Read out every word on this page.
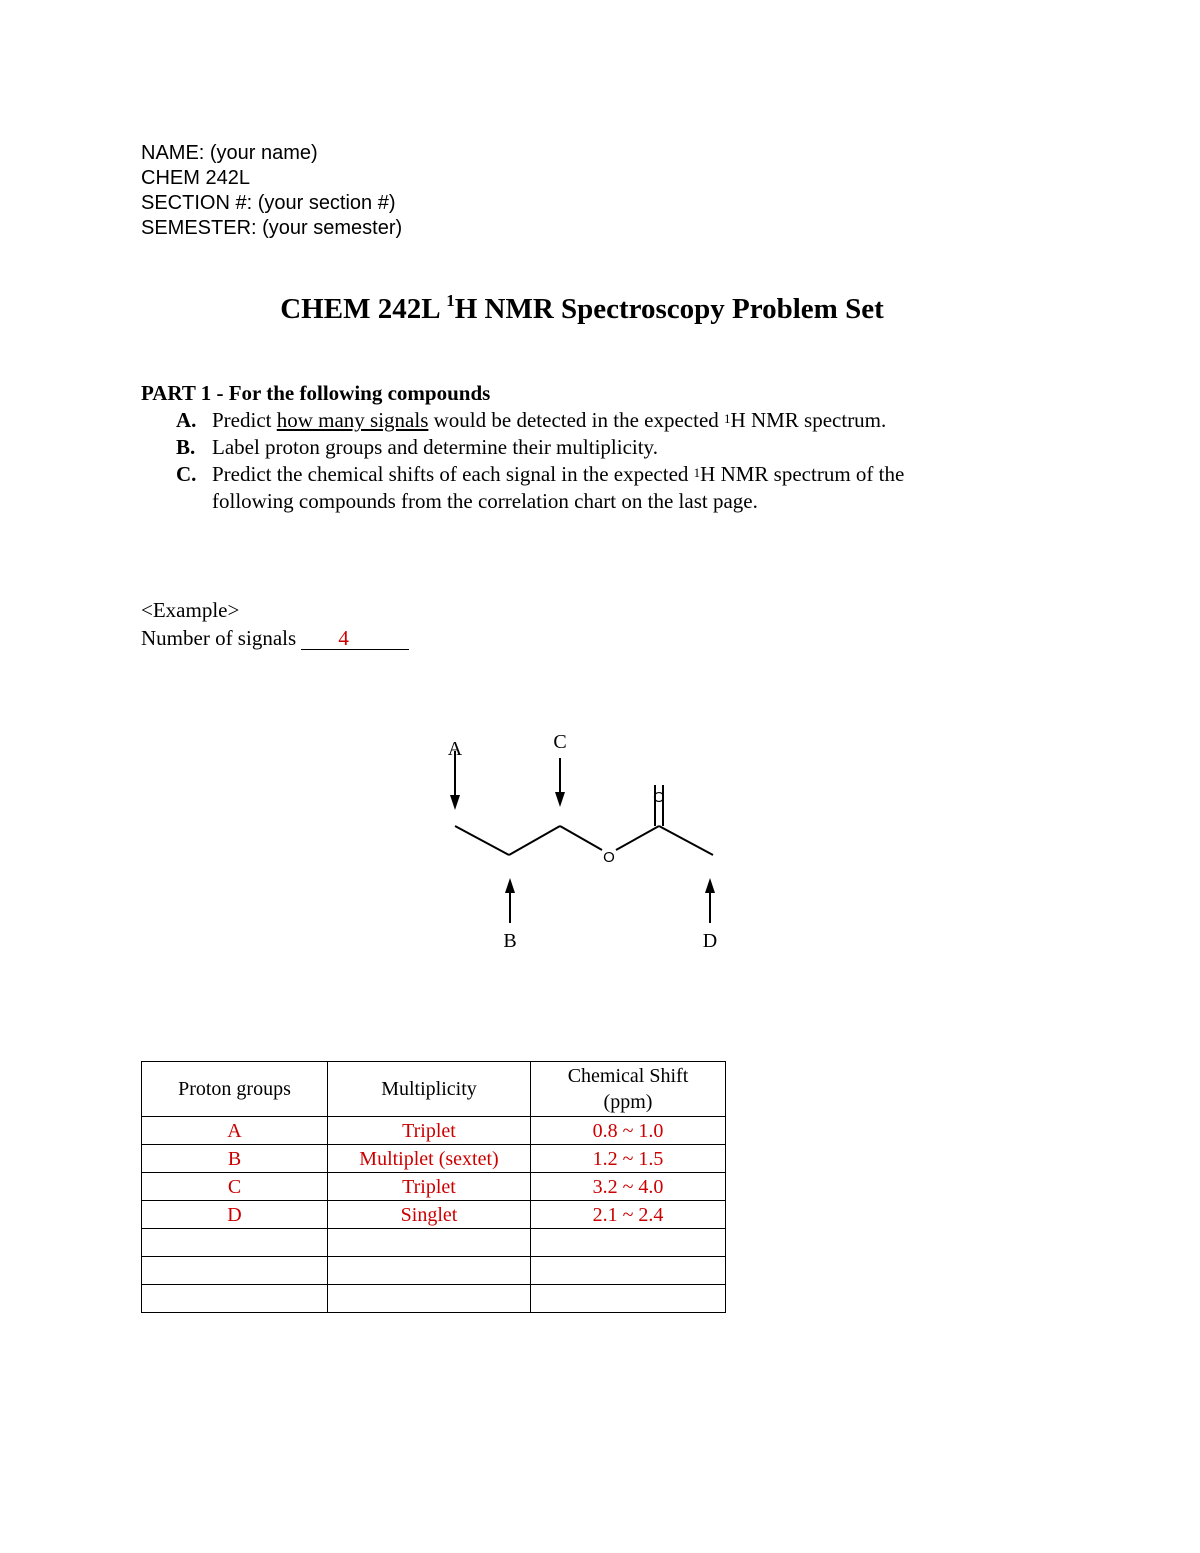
NAME: (your name)
CHEM 242L
SECTION #: (your section #)
SEMESTER: (your semester)
CHEM 242L $^1$H NMR Spectroscopy Problem Set
PART 1 - For the following compounds
A. Predict how many signals would be detected in the expected $^1$H NMR spectrum.
B. Label proton groups and determine their multiplicity.
C. Predict the chemical shifts of each signal in the expected $^1$H NMR spectrum of the
following compounds from the correlation chart on the last page.
<Example>
Number of signals 4
A	C
B	D
O
O
Proton groups	Multiplicity	Chemical Shift
(ppm)
A	Triplet	0.8 ~ 1.0
B	Multiplet (sextet)	1.2 ~ 1.5
C	Triplet	3.2 ~ 4.0
D	Singlet	2.1 ~ 2.4
